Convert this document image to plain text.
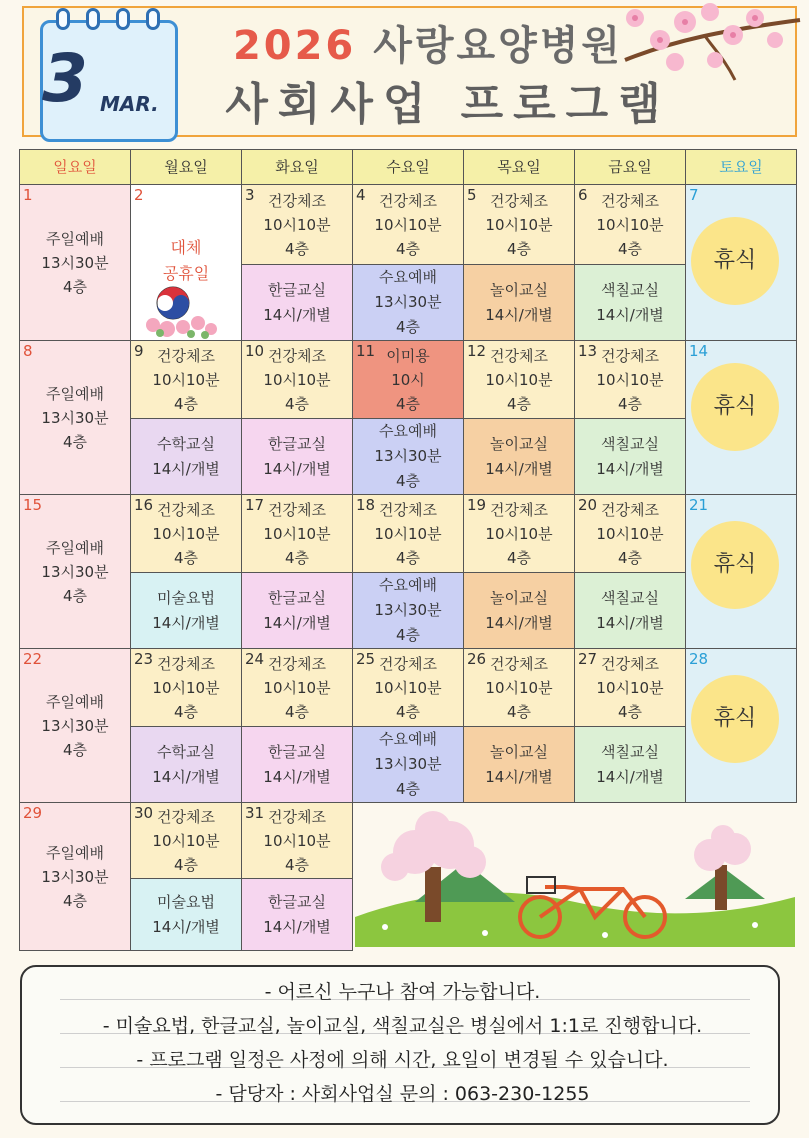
3 MAR.
2026 사랑요양병원
사회사업 프로그램
일요일	월요일	화요일	수요일	목요일	금요일	토요일

1
주일예배
13시30분
4층	2
대체
공휴일	3 건강체조
10시10분
4층	4 건강체조
10시10분
4층	5 건강체조
10시10분
4층	6 건강체조
10시10분
4층	7
휴식

		한글교실
14시/개별	수요예배
13시30분
4층	놀이교실
14시/개별	색칠교실
14시/개별	

8
주일예배
13시30분
4층	9 건강체조
10시10분
4층	10 건강체조
10시10분
4층	11 이미용
10시
4층	12 건강체조
10시10분
4층	13 건강체조
10시10분
4층	14
휴식

	수학교실
14시/개별	한글교실
14시/개별	수요예배
13시30분
4층	놀이교실
14시/개별	색칠교실
14시/개별	

15
주일예배
13시30분
4층	16 건강체조
10시10분
4층	17 건강체조
10시10분
4층	18 건강체조
10시10분
4층	19 건강체조
10시10분
4층	20 건강체조
10시10분
4층	21
휴식

	미술요법
14시/개별	한글교실
14시/개별	수요예배
13시30분
4층	놀이교실
14시/개별	색칠교실
14시/개별	

22
주일예배
13시30분
4층	23 건강체조
10시10분
4층	24 건강체조
10시10분
4층	25 건강체조
10시10분
4층	26 건강체조
10시10분
4층	27 건강체조
10시10분
4층	28
휴식

	수학교실
14시/개별	한글교실
14시/개별	수요예배
13시30분
4층	놀이교실
14시/개별	색칠교실
14시/개별	

29
주일예배
13시30분
4층	30 건강체조
10시10분
4층	31 건강체조
10시10분
4층

	미술요법
14시/개별	한글교실
14시/개별				
- 어르신 누구나 참여 가능합니다.
- 미술요법, 한글교실, 놀이교실, 색칠교실은 병실에서 1:1로 진행합니다.
- 프로그램 일정은 사정에 의해 시간, 요일이 변경될 수 있습니다.
- 담당자 : 사회사업실 문의 : 063-230-1255
